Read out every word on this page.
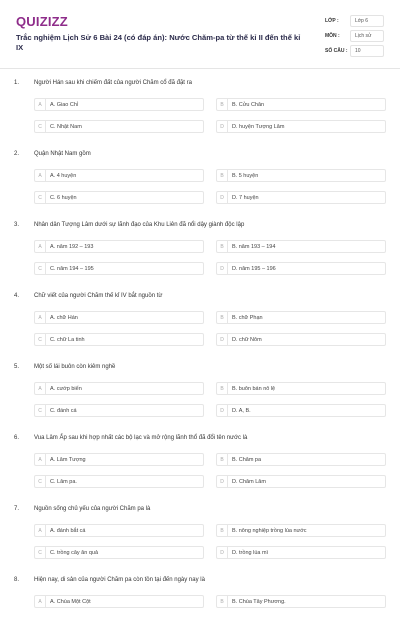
QUIZIZZ
Trắc nghiệm Lịch Sử 6 Bài 24 (có đáp án): Nước Chăm-pa từ thế kỉ II đến thế kỉ IX
LỚP :	Lớp 6
MÔN :	Lịch sử
SỐ CÂU :	10
1. Người Hán sau khi chiếm đất của người Chăm cổ đã đặt ra
A	A. Giao Chỉ	B	B. Cửu Chân
C	C. Nhật Nam	D	D. huyện Tượng Lâm
2. Quận Nhật Nam gồm
A	A. 4 huyện	B	B. 5 huyện
C	C. 6 huyện	D	D. 7 huyện
3. Nhân dân Tượng Lâm dưới sự lãnh đạo của Khu Liên đã nổi dậy giành độc lập
A	A. năm 192 – 193	B	B. năm 193 – 194
C	C. năm 194 – 195	D	D. năm 195 – 196
4. Chữ viết của người Chăm thế kỉ IV bắt nguồn từ
A	A. chữ Hán	B	B. chữ Phạn
C	C. chữ La tinh	D	D. chữ Nôm
5. Một số lái buôn còn kiêm nghề
A	A. cướp biển	B	B. buôn bán nô lệ
C	C. đánh cá	D	D. A, B.
6. Vua Lâm Ấp sau khi hợp nhất các bộ lạc và mở rộng lãnh thổ đã đổi tên nước là
A	A. Lâm Tượng	B	B. Chăm pa
C	C. Lâm pa.	D	D. Chăm Lâm
7. Nguồn sống chủ yếu của người Chăm pa là
A	A. đánh bắt cá	B	B. nông nghiệp trồng lúa nước
C	C. trồng cây ăn quả	D	D. trồng lúa mì
8. Hiện nay, di sản của người Chăm pa còn tồn tại đến ngày nay là
A	A. Chùa Một Cột	B	B. Chùa Tây Phương.
